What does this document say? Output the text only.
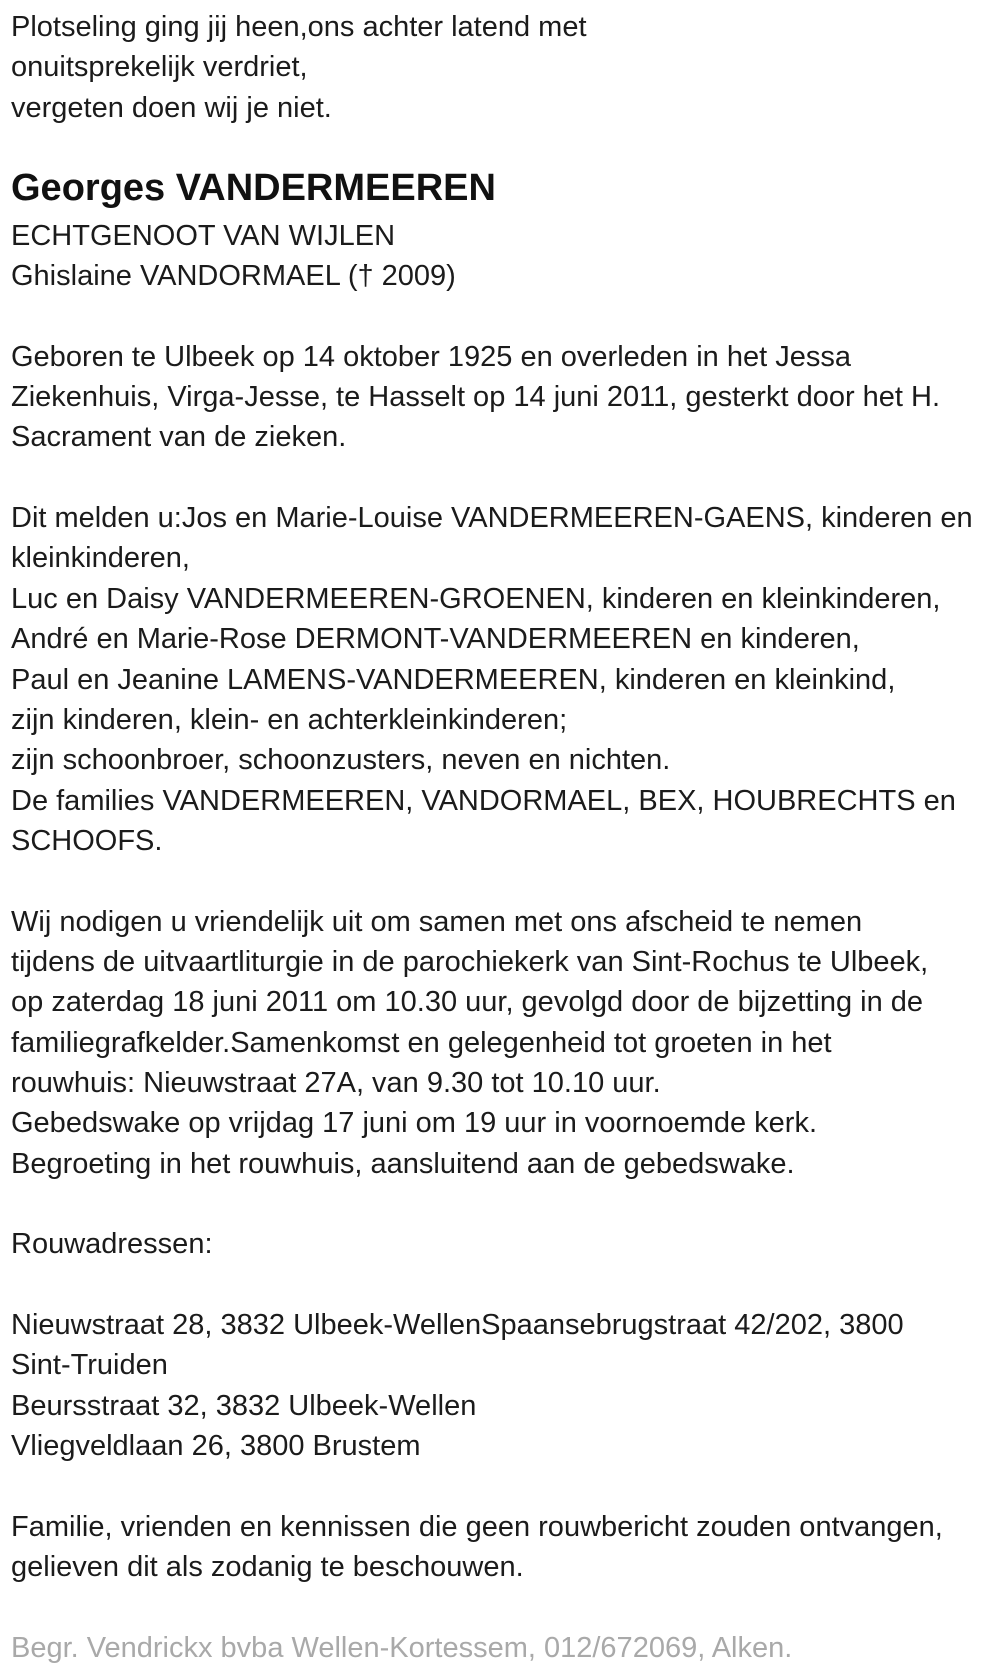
Plotseling ging jij heen,ons achter latend met
onuitsprekelijk verdriet,
vergeten doen wij je niet.
Georges VANDERMEEREN
ECHTGENOOT VAN WIJLEN
Ghislaine VANDORMAEL († 2009)
Geboren te Ulbeek op 14 oktober 1925 en overleden in het Jessa
Ziekenhuis, Virga-Jesse, te Hasselt op 14 juni 2011, gesterkt door het H.
Sacrament van de zieken.
Dit melden u:Jos en Marie-Louise VANDERMEEREN-GAENS, kinderen en
kleinkinderen,
Luc en Daisy VANDERMEEREN-GROENEN, kinderen en kleinkinderen,
André en Marie-Rose DERMONT-VANDERMEEREN en kinderen,
Paul en Jeanine LAMENS-VANDERMEEREN, kinderen en kleinkind,
zijn kinderen, klein- en achterkleinkinderen;
zijn schoonbroer, schoonzusters, neven en nichten.
De families VANDERMEEREN, VANDORMAEL, BEX, HOUBRECHTS en
SCHOOFS.
Wij nodigen u vriendelijk uit om samen met ons afscheid te nemen
tijdens de uitvaartliturgie in de parochiekerk van Sint-Rochus te Ulbeek,
op zaterdag 18 juni 2011 om 10.30 uur, gevolgd door de bijzetting in de
familiegrafkelder.Samenkomst en gelegenheid tot groeten in het
rouwhuis: Nieuwstraat 27A, van 9.30 tot 10.10 uur.
Gebedswake op vrijdag 17 juni om 19 uur in voornoemde kerk.
Begroeting in het rouwhuis, aansluitend aan de gebedswake.
Rouwadressen:
Nieuwstraat 28, 3832 Ulbeek-WellenSpaansebrugstraat 42/202, 3800
Sint-Truiden
Beursstraat 32, 3832 Ulbeek-Wellen
Vliegveldlaan 26, 3800 Brustem
Familie, vrienden en kennissen die geen rouwbericht zouden ontvangen,
gelieven dit als zodanig te beschouwen.
Begr. Vendrickx bvba Wellen-Kortessem, 012/672069, Alken.
